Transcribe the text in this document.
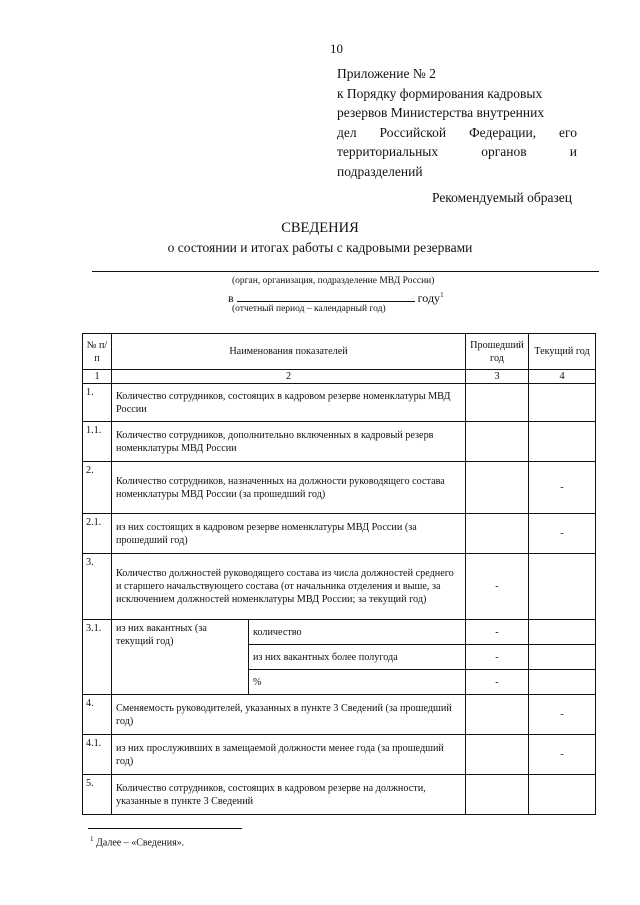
10
Приложение № 2
к Порядку формирования кадровых
резервов Министерства внутренних
дел Российской Федерации, его
территориальных органов и
подразделений
Рекомендуемый образец
СВЕДЕНИЯ
о состоянии и итогах работы с кадровыми резервами
(орган, организация, подразделение МВД России)
в	году$^1$
(отчетный период – календарный год)
№ п/п	Наименования показателей		Прошедший год	Текущий год
1	2		3	4
1.	Количество сотрудников, состоящих в кадровом резерве номенклатуры МВД России			
1.1.	Количество сотрудников, дополнительно включенных в кадровый резерв номенклатуры МВД России			
2.	Количество сотрудников, назначенных на должности руководящего состава номенклатуры МВД России (за прошедший год)			-
2.1.	из них состоящих в кадровом резерве номенклатуры МВД России (за прошедший год)			-
3.	Количество должностей руководящего состава из числа должностей среднего и старшего начальствующего состава (от начальника отделения и выше, за исключением должностей номенклатуры МВД России; за текущий год)		-	
3.1.	из них вакантных (за текущий год)	количество	-	
		из них вакантных более полугода	-	
		%	-	
4.	Сменяемость руководителей, указанных в пункте 3 Сведений (за прошедший год)			-
4.1.	из них прослуживших в замещаемой должности менее года (за прошедший год)			-
5.	Количество сотрудников, состоящих в кадровом резерве на должности, указанные в пункте 3 Сведений			
$^1$ Далее – «Сведения».
